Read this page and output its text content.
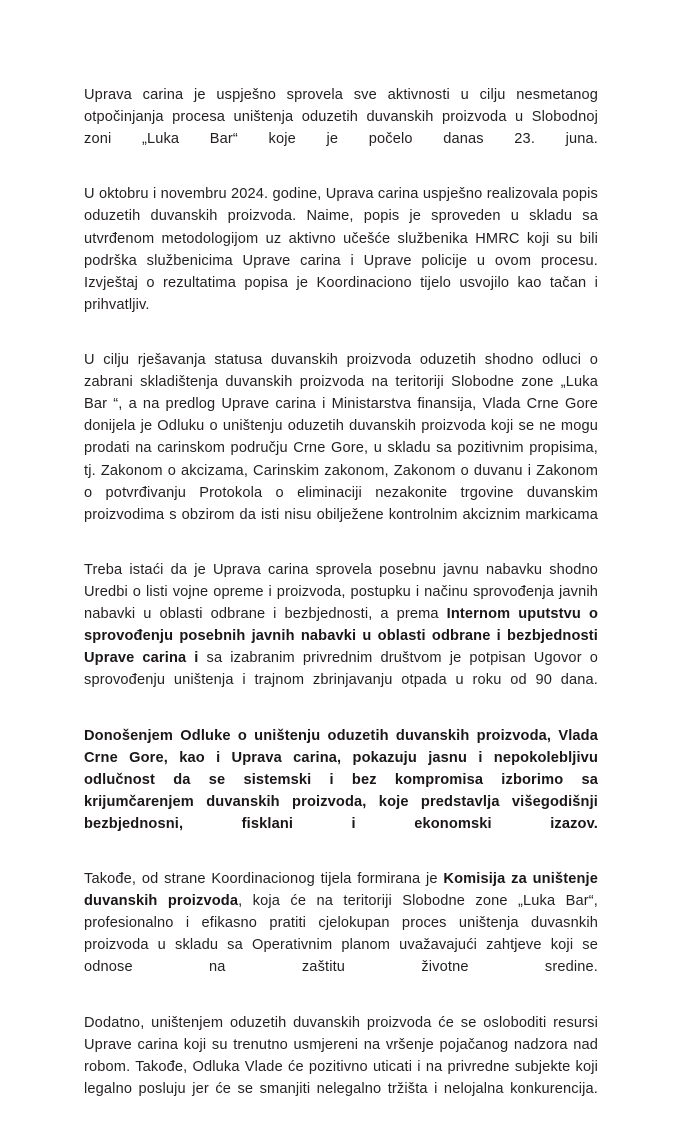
Uprava carina je uspješno sprovela sve aktivnosti u cilju nesmetanog otpočinjanja procesa uništenja oduzetih duvanskih proizvoda u Slobodnoj zoni „Luka Bar“ koje je počelo danas 23. juna.

U oktobru i novembru 2024. godine, Uprava carina uspješno realizovala popis oduzetih duvanskih proizvoda. Naime, popis je sproveden u skladu sa utvrđenom metodologijom uz aktivno učešće službenika HMRC koji su bili podrška službenicima Uprave carina i Uprave policije u ovom procesu. Izvještaj o rezultatima popisa je Koordinaciono tijelo usvojilo kao tačan i prihvatljiv.

U cilju rješavanja statusa duvanskih proizvoda oduzetih shodno odluci o zabrani skladištenja duvanskih proizvoda na teritoriji Slobodne zone „Luka Bar “, a na predlog Uprave carina i Ministarstva finansija, Vlada Crne Gore donijela je Odluku o uništenju oduzetih duvanskih proizvoda koji se ne mogu prodati na carinskom području Crne Gore, u skladu sa pozitivnim propisima, tj. Zakonom o akcizama, Carinskim zakonom, Zakonom o duvanu i Zakonom o potvrđivanju Protokola o eliminaciji nezakonite trgovine duvanskim proizvodima s obzirom da isti nisu obilježene kontrolnim akciznim markicama

Treba istaći da je Uprava carina sprovela posebnu javnu nabavku shodno Uredbi o listi vojne opreme i proizvoda, postupku i načinu sprovođenja javnih nabavki u oblasti odbrane i bezbjednosti, a prema Internom uputstvu o sprovođenju posebnih javnih nabavki u oblasti odbrane i bezbjednosti Uprave carina i sa izabranim privrednim društvom je potpisan Ugovor o sprovođenju uništenja i trajnom zbrinjavanju otpada u roku od 90 dana.

Donošenjem Odluke o uništenju oduzetih duvanskih proizvoda, Vlada Crne Gore, kao i Uprava carina, pokazuju jasnu i nepokolebljivu odlučnost da se sistemski i bez kompromisa izborimo sa krijumčarenjem duvanskih proizvoda, koje predstavlja višegodišnji bezbjednosni, fisklani i ekonomski izazov.

Takođe, od strane Koordinacionog tijela formirana je Komisija za uništenje duvanskih proizvoda, koja će na teritoriji Slobodne zone „Luka Bar“, profesionalno i efikasno pratiti cjelokupan proces uništenja duvasnkih proizvoda u skladu sa Operativnim planom uvažavajući zahtjeve koji se odnose na zaštitu životne sredine.

Dodatno, uništenjem oduzetih duvanskih proizvoda će se osloboditi resursi Uprave carina koji su trenutno usmjereni na vršenje pojačanog nadzora nad robom. Takođe, Odluka Vlade će pozitivno uticati i na privredne subjekte koji legalno posluju jer će se smanjiti nelegalno tržišta i nelojalna konkurencija.
